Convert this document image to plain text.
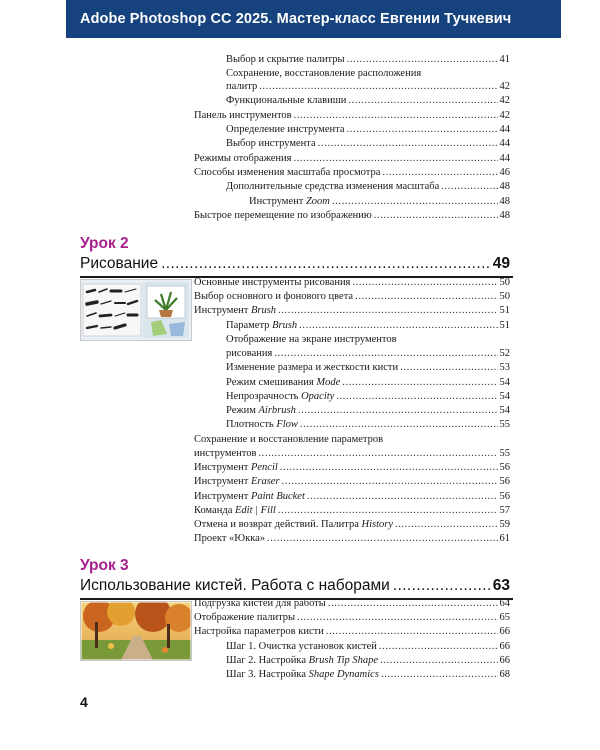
Adobe Photoshop CC 2025. Мастер-класс Евгении Тучкевич
Выбор и скрытие палитры .....	41
Сохранение, восстановление расположения
палитр .....	42
Функциональные клавиши .....	42
Панель инструментов .....	42
Определение инструмента .....	44
Выбор инструмента .....	44
Режимы отображения .....	44
Способы изменения масштаба просмотра .....	46
Дополнительные средства изменения масштаба .....	48
Инструмент Zoom .....	48
Быстрое перемещение по изображению .....	48
Урок 2
Рисование .....	49
Основные инструменты рисования .....	50
Выбор основного и фонового цвета .....	50
Инструмент Brush .....	51
Параметр Brush .....	51
Отображение на экране инструментов
рисования .....	52
Изменение размера и жесткости кисти .....	53
Режим смешивания Mode .....	54
Непрозрачность Opacity .....	54
Режим Airbrush .....	54
Плотность Flow .....	55
Сохранение и восстановление параметров
инструментов .....	55
Инструмент Pencil .....	56
Инструмент Eraser .....	56
Инструмент Paint Bucket .....	56
Команда Edit | Fill .....	57
Отмена и возврат действий. Палитра History .....	59
Проект «Юкка» .....	61
Урок 3
Использование кистей. Работа с наборами .....	63
Подгрузка кистей для работы .....	64
Отображение палитры .....	65
Настройка параметров кисти .....	66
Шаг 1. Очистка установок кистей .....	66
Шаг 2. Настройка Brush Tip Shape .....	66
Шаг 3. Настройка Shape Dynamics .....	68
4
